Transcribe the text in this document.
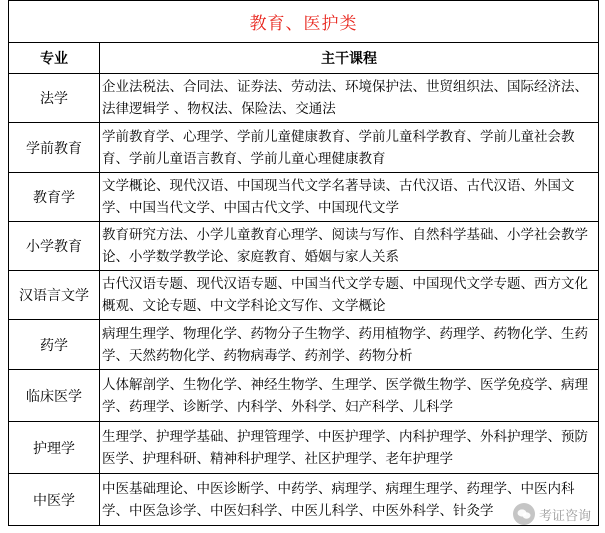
教育、医护类	
专业	主干课程
法学	企业法税法、合同法、证券法、劳动法、环境保护法、世贸组织法、国际经济法、法律逻辑学 、物权法、保险法、交通法
学前教育	学前教育学、心理学、学前儿童健康教育、学前儿童科学教育、学前儿童社会教育、学前儿童语言教育、学前儿童心理健康教育
教育学	文学概论、现代汉语、中国现当代文学名著导读、古代汉语、古代汉语、外国文学、中国当代文学、中国古代文学、中国现代文学
小学教育	教育研究方法、小学儿童教育心理学、阅读与写作、自然科学基础、小学社会教学论、小学数学教学论、家庭教育、婚姻与家人关系
汉语言文学	古代汉语专题、现代汉语专题、中国当代文学专题、中国现代文学专题、西方文化概观、文论专题、中文学科论文写作、文学概论
药学	病理生理学、物理化学、药物分子生物学、药用植物学、药理学、药物化学、生药学、天然药物化学、药物病毒学、药剂学、药物分析
临床医学	人体解剖学、生物化学、神经生物学、生理学、医学微生物学、医学免疫学、病理学、药理学、诊断学、内科学、外科学、妇产科学、儿科学
护理学	生理学、护理学基础、护理管理学、中医护理学、内科护理学、外科护理学、预防医学、护理科研、精神科护理学、社区护理学、老年护理学
中医学	中医基础理论、中医诊断学、中药学、病理学、病理生理学、药理学、中医内科学、中医急诊学、中医妇科学、中医儿科学、中医外科学、针灸学	考证咨询
